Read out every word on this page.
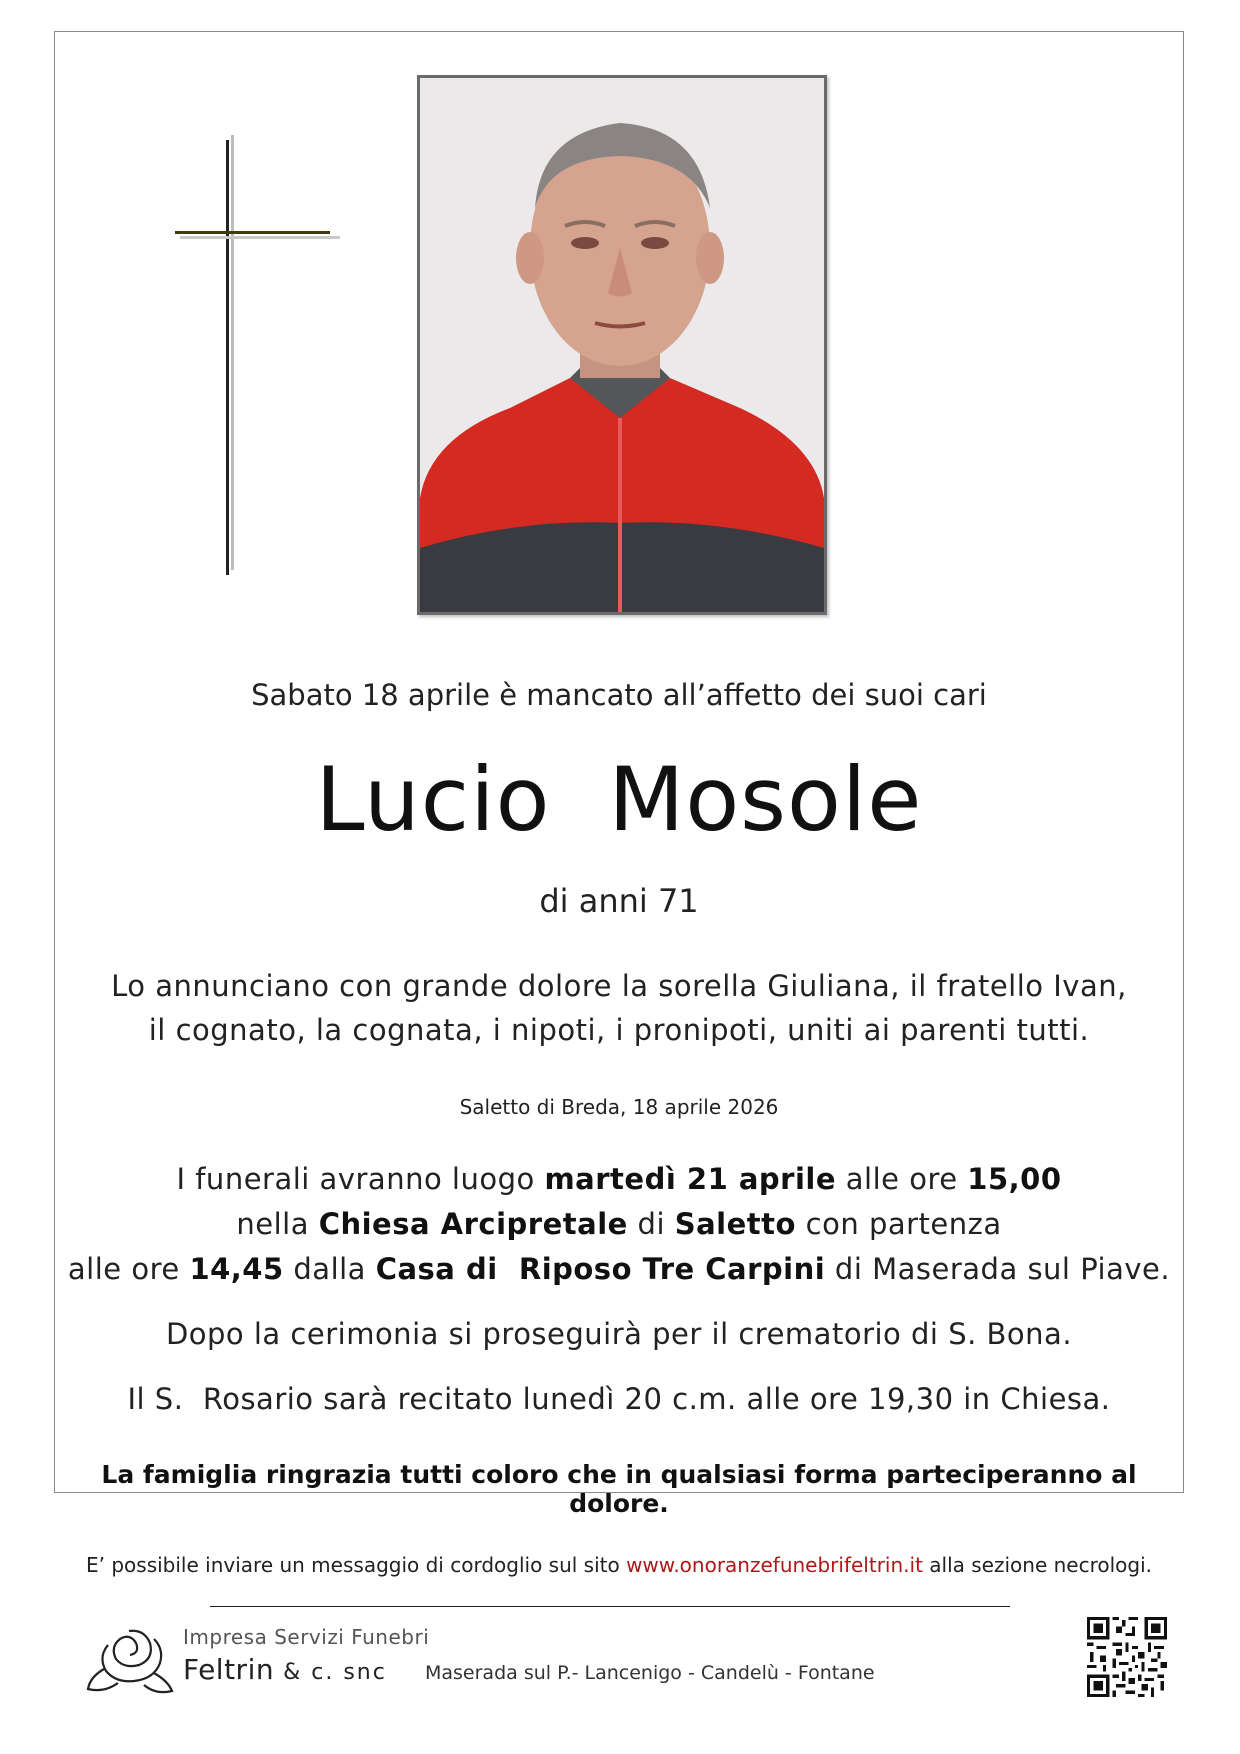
Sabato 18 aprile è mancato all’affetto dei suoi cari
Lucio  Mosole
di anni 71
Lo annunciano con grande dolore la sorella Giuliana, il fratello Ivan,
il cognato, la cognata, i nipoti, i pronipoti, uniti ai parenti tutti.
Saletto di Breda, 18 aprile 2026
I funerali avranno luogo martedì 21 aprile alle ore 15,00
nella Chiesa Arcipretale di Saletto con partenza
alle ore 14,45 dalla Casa di  Riposo Tre Carpini di Maserada sul Piave.
Dopo la cerimonia si proseguirà per il crematorio di S. Bona.
Il S.  Rosario sarà recitato lunedì 20 c.m. alle ore 19,30 in Chiesa.
La famiglia ringrazia tutti coloro che in qualsiasi forma parteciperanno al dolore.
E’ possibile inviare un messaggio di cordoglio sul sito www.onoranzefunebrifeltrin.it alla sezione necrologi.
Impresa Servizi Funebri
Feltrin & c. snc Maserada sul P.- Lancenigo - Candelù - Fontane
